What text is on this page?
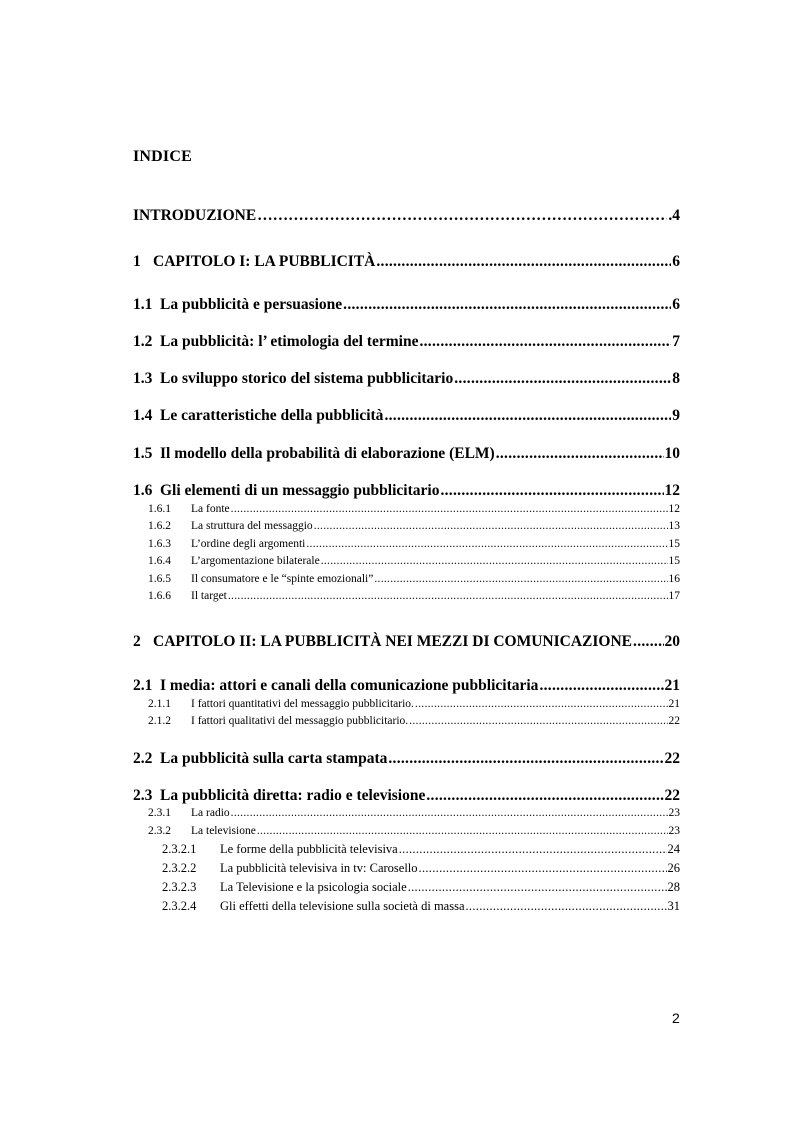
INDICE
INTRODUZIONE ………………………………………………………………………………………………………………………………………	.4
1 CAPITOLO I: LA PUBBLICITÀ .....	6
1.1 La pubblicità e persuasione .....	6
1.2 La pubblicità: l’ etimologia del termine .....	7
1.3 Lo sviluppo storico del sistema pubblicitario .....	8
1.4 Le caratteristiche della pubblicità .....	9
1.5 Il modello della probabilità di elaborazione (ELM) .....	10
1.6 Gli elementi di un messaggio pubblicitario .....	12
1.6.1	La fonte .....	12
1.6.2	La struttura del messaggio .....	13
1.6.3	L’ordine degli argomenti .....	15
1.6.4	L’argomentazione bilaterale .....	15
1.6.5	Il consumatore e le “spinte emozionali” .....	16
1.6.6	Il target .....	17
2 CAPITOLO II: LA PUBBLICITÀ NEI MEZZI DI COMUNICAZIONE ..... 20
2.1 I media: attori e canali della comunicazione pubblicitaria .....	21
2.1.1	I fattori quantitativi del messaggio pubblicitario. .....	21
2.1.2	I fattori qualitativi del messaggio pubblicitario. .....	22
2.2 La pubblicità sulla carta stampata .....	22
2.3 La pubblicità diretta: radio e televisione .....	22
2.3.1	La radio .....	23
2.3.2	La televisione .....	23
2.3.2.1	Le forme della pubblicità televisiva .....	24
2.3.2.2	La pubblicità televisiva in tv: Carosello .....	26
2.3.2.3	La Televisione e la psicologia sociale .....	28
2.3.2.4	Gli effetti della televisione sulla società di massa .....	31
2
